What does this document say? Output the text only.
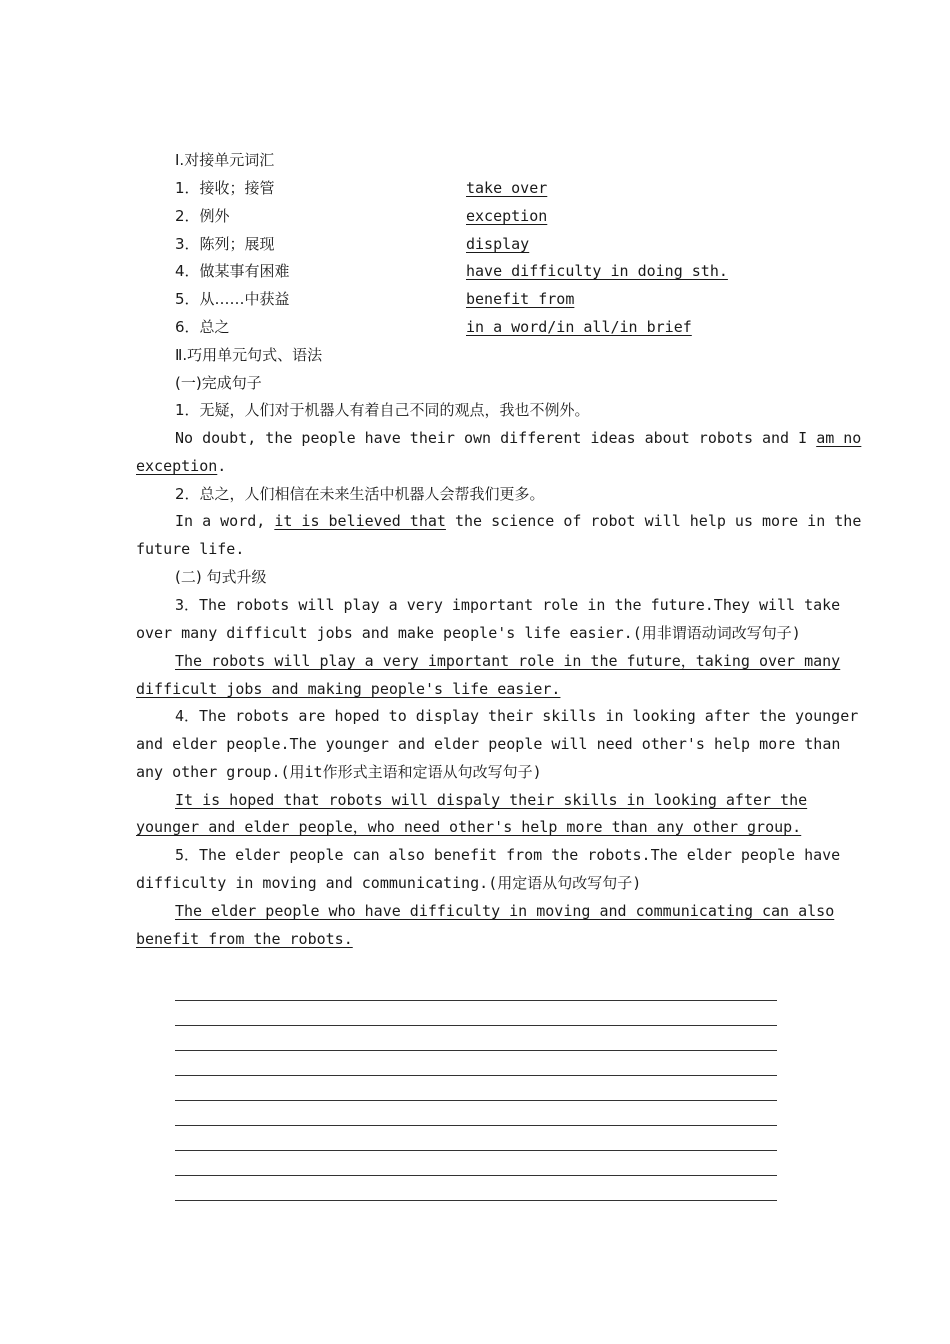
Ⅰ.对接单元词汇
1．接收；接管	take over
2．例外	exception
3．陈列；展现	display
4．做某事有困难	have difficulty in doing sth.
5．从……中获益	benefit from
6．总之	in a word/in all/in brief
Ⅱ.巧用单元句式、语法
(一)完成句子
1．无疑，人们对于机器人有着自己不同的观点，我也不例外。
No doubt, the people have their own different ideas about robots and I am no
exception.
2．总之，人们相信在未来生活中机器人会帮我们更多。
In a word, it is believed that the science of robot will help us more in the
future life.
(二) 句式升级
3．The robots will play a very important role in the future.They will take
over many difficult jobs and make people's life easier.(用非谓语动词改写句子)
The robots will play a very important role in the future，taking over many
difficult jobs and making people's life easier.
4．The robots are hoped to display their skills in looking after the younger
and elder people.The younger and elder people will need other's help more than
any other group.(用it作形式主语和定语从句改写句子)
It is hoped that robots will dispaly their skills in looking after the
younger and elder people，who need other's help more than any other group.
5．The elder people can also benefit from the robots.The elder people have
difficulty in moving and communicating.(用定语从句改写句子)
The elder people who have difficulty in moving and communicating can also
benefit from the robots.
